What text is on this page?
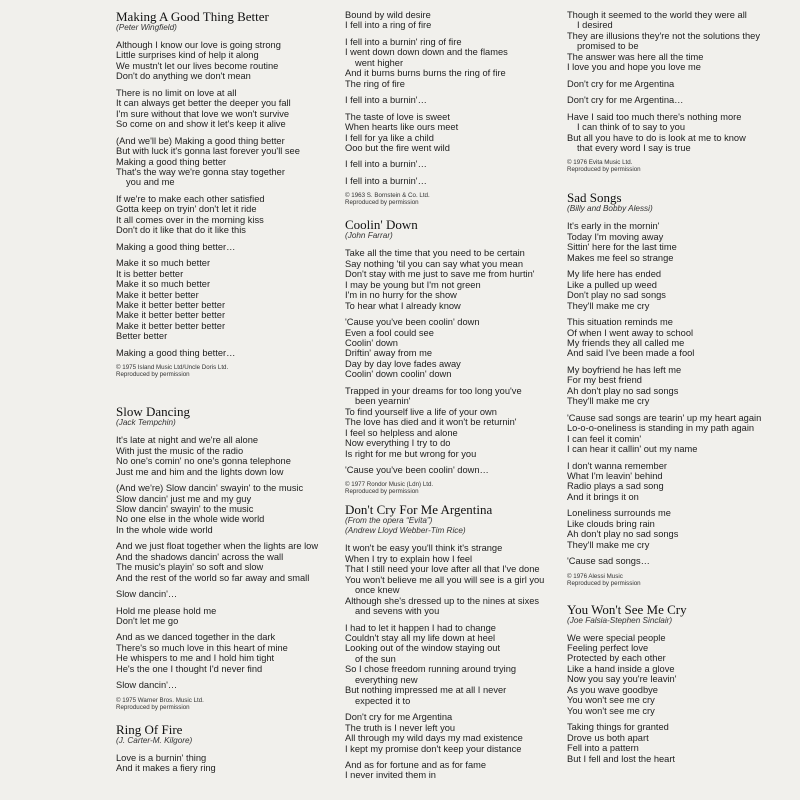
Making A Good Thing Better
(Peter Wingfield)
Although I know our love is going strong
Little surprises kind of help it along
We mustn't let our lives become routine
Don't do anything we don't mean
There is no limit on love at all
It can always get better the deeper you fall
I'm sure without that love we won't survive
So come on and show it let's keep it alive
(And we'll be) Making a good thing better
But with luck it's gonna last forever you'll see
Making a good thing better
That's the way we're gonna stay together
you and me
If we're to make each other satisfied
Gotta keep on tryin' don't let it ride
It all comes over in the morning kiss
Don't do it like that do it like this
Making a good thing better…
Make it so much better
It is better better
Make it so much better
Make it better better
Make it better better better
Make it better better better
Make it better better better
Better better
Making a good thing better…
© 1975 Island Music Ltd/Uncle Doris Ltd.
Reproduced by permission
Slow Dancing
(Jack Tempchin)
It's late at night and we're all alone
With just the music of the radio
No one's comin' no one's gonna telephone
Just me and him and the lights down low
(And we're) Slow dancin' swayin' to the music
Slow dancin' just me and my guy
Slow dancin' swayin' to the music
No one else in the whole wide world
In the whole wide world
And we just float together when the lights are low
And the shadows dancin' across the wall
The music's playin' so soft and slow
And the rest of the world so far away and small
Slow dancin'…
Hold me please hold me
Don't let me go
And as we danced together in the dark
There's so much love in this heart of mine
He whispers to me and I hold him tight
He's the one I thought I'd never find
Slow dancin'…
© 1975 Warner Bros. Music Ltd.
Reproduced by permission
Ring Of Fire
(J. Carter-M. Kilgore)
Love is a burnin' thing
And it makes a fiery ring
Bound by wild desire
I fell into a ring of fire
I fell into a burnin' ring of fire
I went down down down and the flames
went higher
And it burns burns burns the ring of fire
The ring of fire
I fell into a burnin'…
The taste of love is sweet
When hearts like ours meet
I fell for ya like a child
Ooo but the fire went wild
I fell into a burnin'…
I fell into a burnin'…
© 1963 S. Bornstein & Co. Ltd.
Reproduced by permission
Coolin' Down
(John Farrar)
Take all the time that you need to be certain
Say nothing 'til you can say what you mean
Don't stay with me just to save me from hurtin'
I may be young but I'm not green
I'm in no hurry for the show
To hear what I already know
'Cause you've been coolin' down
Even a fool could see
Coolin' down
Driftin' away from me
Day by day love fades away
Coolin' down coolin' down
Trapped in your dreams for too long you've
been yearnin'
To find yourself live a life of your own
The love has died and it won't be returnin'
I feel so helpless and alone
Now everything I try to do
Is right for me but wrong for you
'Cause you've been coolin' down…
© 1977 Rondor Music (Ldn) Ltd.
Reproduced by permission
Don't Cry For Me Argentina
(From the opera “Evita”)
(Andrew Lloyd Webber-Tim Rice)
It won't be easy you'll think it's strange
When I try to explain how I feel
That I still need your love after all that I've done
You won't believe me all you will see is a girl you
once knew
Although she's dressed up to the nines at sixes
and sevens with you
I had to let it happen I had to change
Couldn't stay all my life down at heel
Looking out of the window staying out
of the sun
So I chose freedom running around trying
everything new
But nothing impressed me at all I never
expected it to
Don't cry for me Argentina
The truth is I never left you
All through my wild days my mad existence
I kept my promise don't keep your distance
And as for fortune and as for fame
I never invited them in
Though it seemed to the world they were all
I desired
They are illusions they're not the solutions they
promised to be
The answer was here all the time
I love you and hope you love me
Don't cry for me Argentina
Don't cry for me Argentina…
Have I said too much there's nothing more
I can think of to say to you
But all you have to do is look at me to know
that every word I say is true
© 1976 Evita Music Ltd.
Reproduced by permission
Sad Songs
(Billy and Bobby Alessi)
It's early in the mornin'
Today I'm moving away
Sittin' here for the last time
Makes me feel so strange
My life here has ended
Like a pulled up weed
Don't play no sad songs
They'll make me cry
This situation reminds me
Of when I went away to school
My friends they all called me
And said I've been made a fool
My boyfriend he has left me
For my best friend
Ah don't play no sad songs
They'll make me cry
'Cause sad songs are tearin' up my heart again
Lo-o-o-oneliness is standing in my path again
I can feel it comin'
I can hear it callin' out my name
I don't wanna remember
What I'm leavin' behind
Radio plays a sad song
And it brings it on
Loneliness surrounds me
Like clouds bring rain
Ah don't play no sad songs
They'll make me cry
'Cause sad songs…
© 1976 Alessi Music
Reproduced by permission
You Won't See Me Cry
(Joe Falsia-Stephen Sinclair)
We were special people
Feeling perfect love
Protected by each other
Like a hand inside a glove
Now you say you're leavin'
As you wave goodbye
You won't see me cry
You won't see me cry
Taking things for granted
Drove us both apart
Fell into a pattern
But I fell and lost the heart
